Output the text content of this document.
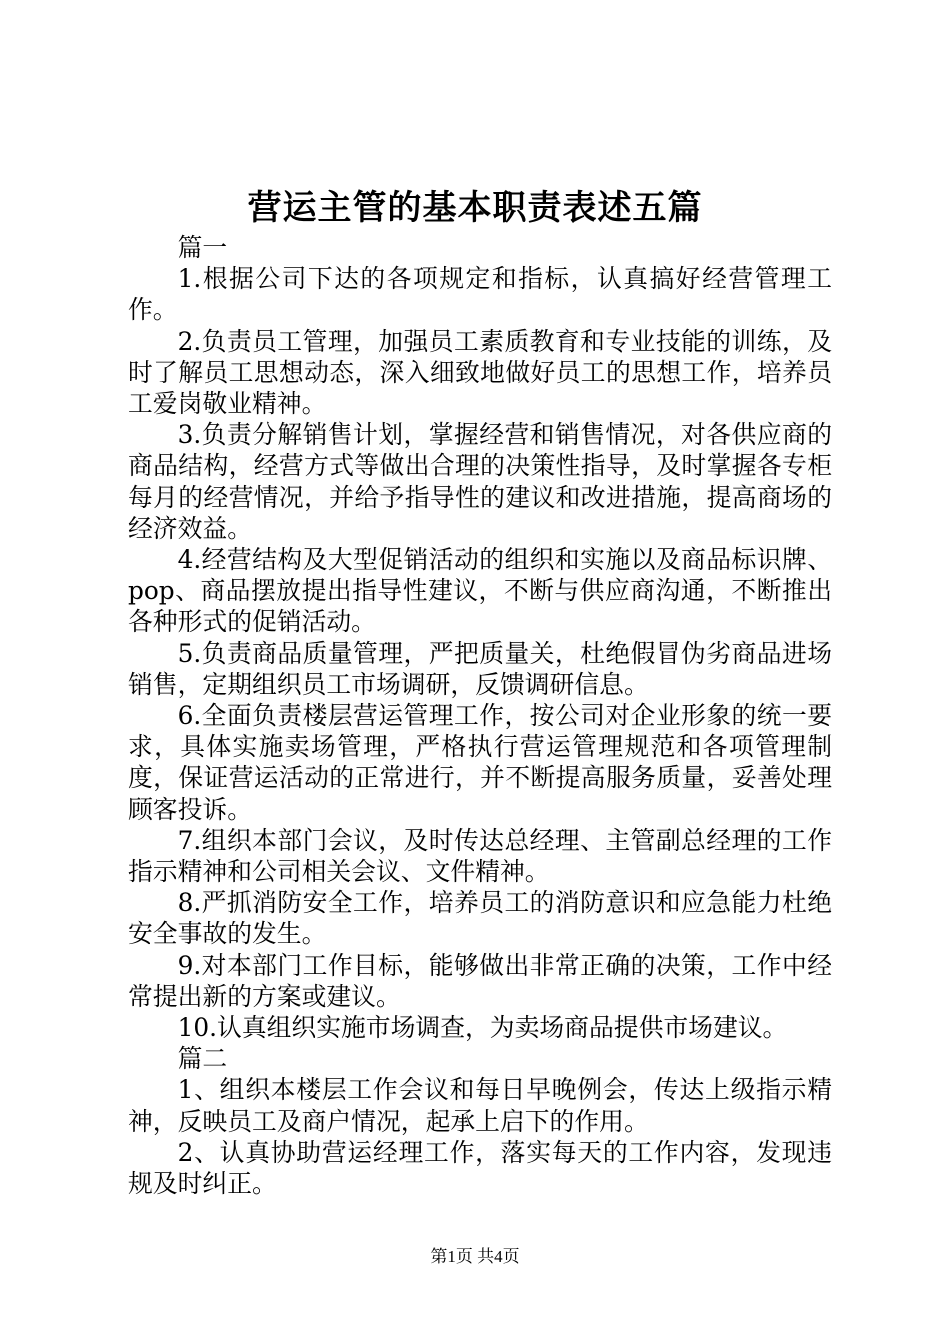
营运主管的基本职责表述五篇

篇一

1.根据公司下达的各项规定和指标，认真搞好经营管理工作。

2.负责员工管理，加强员工素质教育和专业技能的训练，及时了解员工思想动态，深入细致地做好员工的思想工作，培养员工爱岗敬业精神。

3.负责分解销售计划，掌握经营和销售情况，对各供应商的商品结构，经营方式等做出合理的决策性指导，及时掌握各专柜每月的经营情况，并给予指导性的建议和改进措施，提高商场的经济效益。

4.经营结构及大型促销活动的组织和实施以及商品标识牌、pop、商品摆放提出指导性建议，不断与供应商沟通，不断推出各种形式的促销活动。

5.负责商品质量管理，严把质量关，杜绝假冒伪劣商品进场销售，定期组织员工市场调研，反馈调研信息。

6.全面负责楼层营运管理工作，按公司对企业形象的统一要求，具体实施卖场管理，严格执行营运管理规范和各项管理制度，保证营运活动的正常进行，并不断提高服务质量，妥善处理顾客投诉。

7.组织本部门会议，及时传达总经理、主管副总经理的工作指示精神和公司相关会议、文件精神。

8.严抓消防安全工作，培养员工的消防意识和应急能力杜绝安全事故的发生。

9.对本部门工作目标，能够做出非常正确的决策，工作中经常提出新的方案或建议。

10.认真组织实施市场调查，为卖场商品提供市场建议。

篇二

1、组织本楼层工作会议和每日早晚例会，传达上级指示精神，反映员工及商户情况，起承上启下的作用。

2、认真协助营运经理工作，落实每天的工作内容，发现违规及时纠正。

第1页 共4页
